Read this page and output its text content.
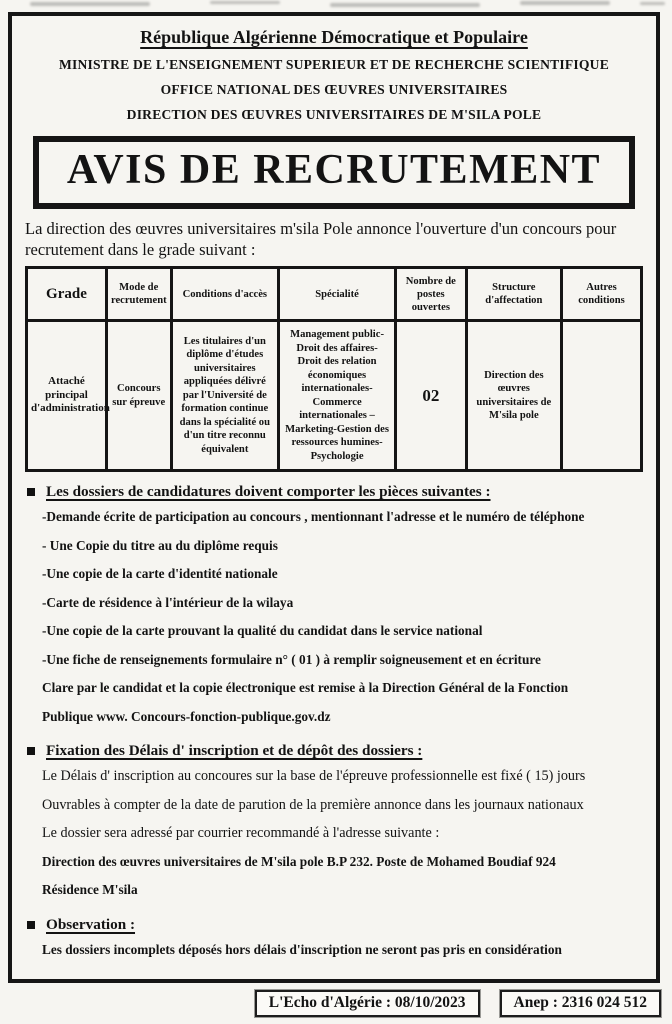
République Algérienne Démocratique et Populaire
MINISTRE DE L'ENSEIGNEMENT SUPERIEUR ET DE RECHERCHE SCIENTIFIQUE
OFFICE NATIONAL DES ŒUVRES UNIVERSITAIRES
DIRECTION DES ŒUVRES UNIVERSITAIRES DE M'SILA POLE
AVIS DE RECRUTEMENT
La direction des œuvres universitaires m'sila Pole annonce l'ouverture d'un concours pour recrutement dans le grade suivant :
Grade	Mode de recrutement	Conditions d'accès	Spécialité	Nombre de postes ouvertes	Structure d'affectation	Autres conditions
Attaché principal d'administration	Concours sur épreuve	Les titulaires d'un diplôme d'études universitaires appliquées délivré par l'Université de formation continue dans la spécialité ou d'un titre reconnu équivalent	Management public- Droit des affaires- Droit des relation économiques internationales- Commerce internationales – Marketing-Gestion des ressources humines-Psychologie	02	Direction des œuvres universitaires de M'sila pole	
Les dossiers de candidatures doivent comporter les pièces suivantes :
-Demande écrite de participation au concours , mentionnant l'adresse et le numéro de téléphone
- Une Copie du titre au du diplôme requis
-Une copie de la carte d'identité nationale
-Carte de résidence à l'intérieur de la wilaya
-Une copie de la carte prouvant la qualité du candidat dans le service national
-Une fiche de renseignements formulaire n° ( 01 ) à remplir soigneusement et en écriture
Clare par le candidat et la copie électronique est remise à la Direction Général de la Fonction
Publique www. Concours-fonction-publique.gov.dz
Fixation des Délais d' inscription et de dépôt des dossiers :
Le Délais d' inscription au concoures sur la base de l'épreuve professionnelle est fixé ( 15) jours
Ouvrables à compter de la date de parution de la première annonce dans les journaux nationaux
Le dossier sera adressé par courrier recommandé à l'adresse suivante :
Direction des œuvres universitaires de M'sila pole B.P 232. Poste de Mohamed Boudiaf 924
Résidence M'sila
Observation :
Les dossiers incomplets déposés hors délais d'inscription ne seront pas pris en considération
L'Echo d'Algérie : 08/10/2023	Anep : 2316 024 512
